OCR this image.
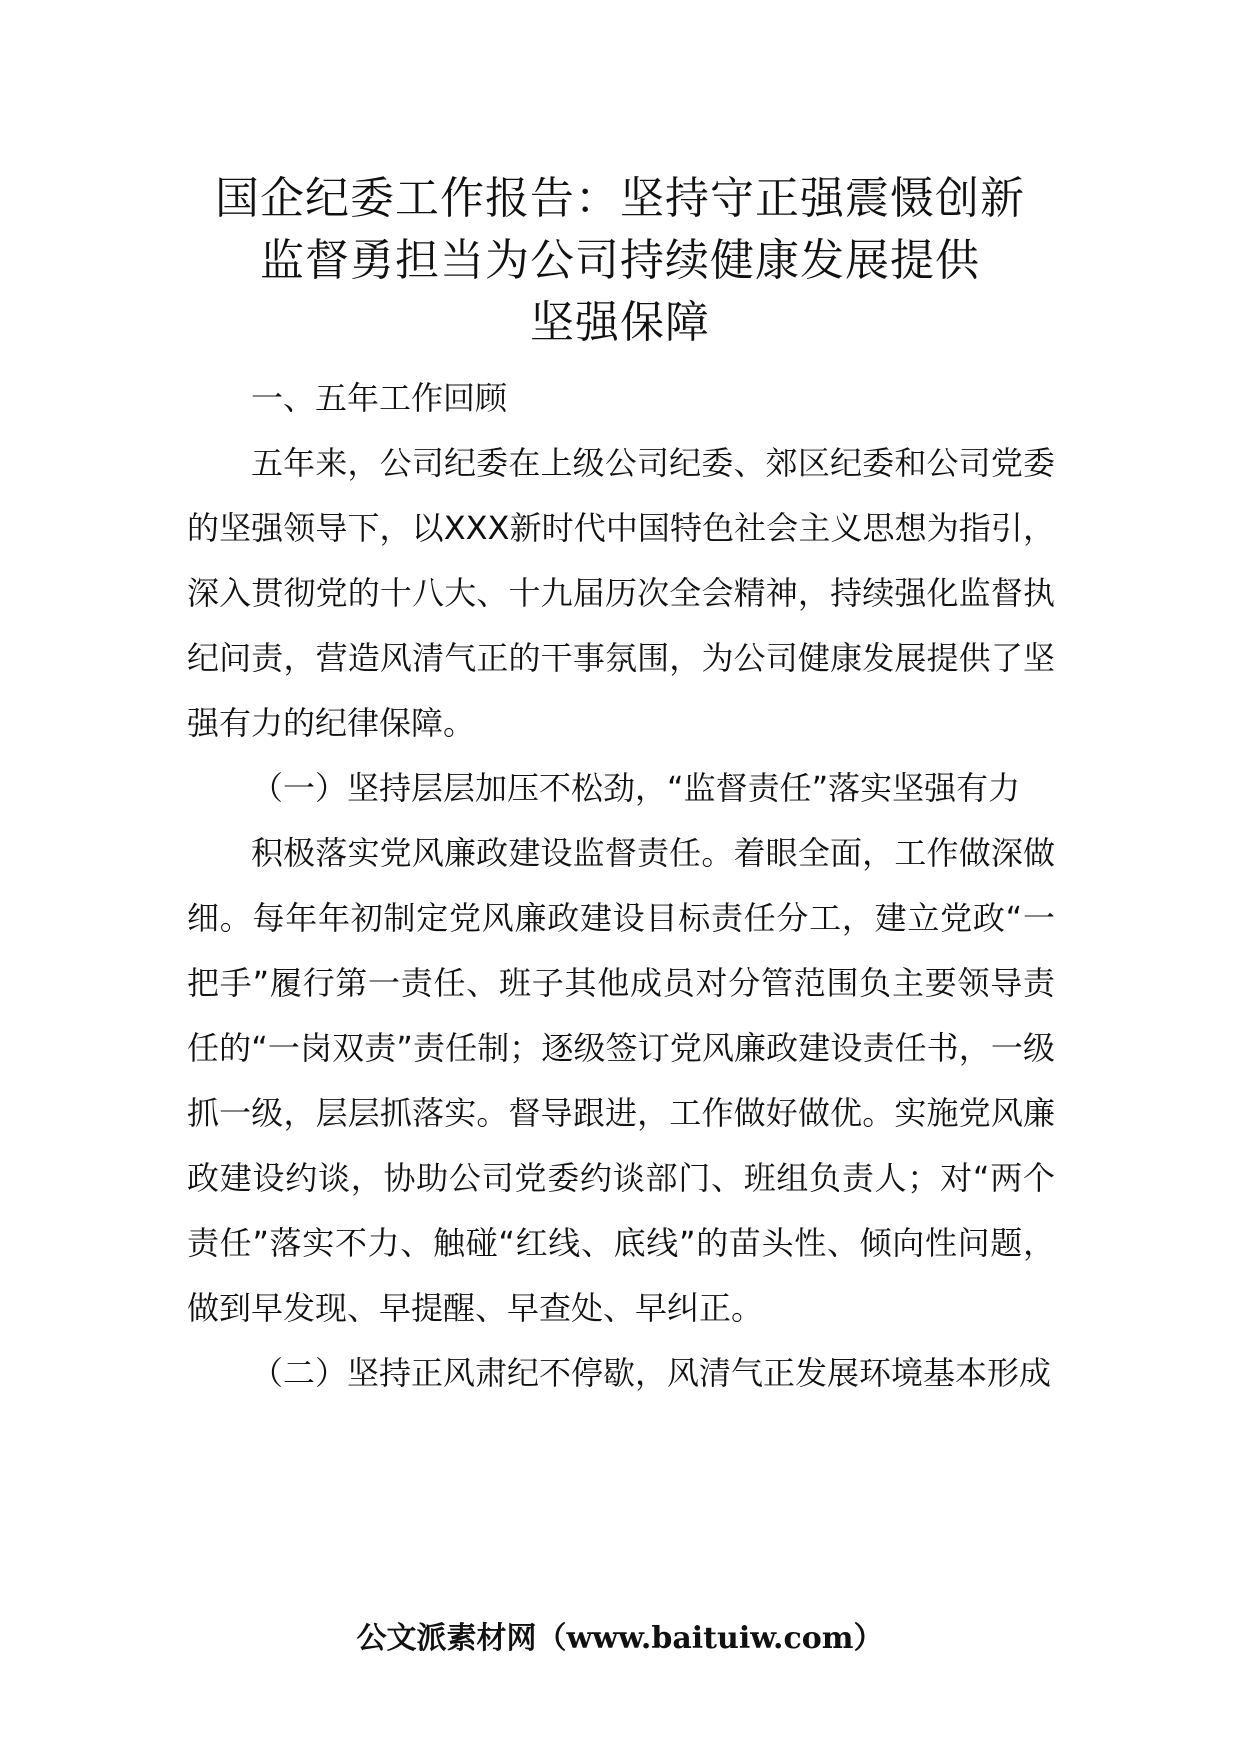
国企纪委工作报告：坚持守正强震慑创新
监督勇担当为公司持续健康发展提供
坚强保障

一、五年工作回顾

五年来，公司纪委在上级公司纪委、郊区纪委和公司党委的坚强领导下，以XXX新时代中国特色社会主义思想为指引，深入贯彻党的十八大、十九届历次全会精神，持续强化监督执纪问责，营造风清气正的干事氛围，为公司健康发展提供了坚强有力的纪律保障。

（一）坚持层层加压不松劲，“监督责任”落实坚强有力

积极落实党风廉政建设监督责任。着眼全面，工作做深做细。每年年初制定党风廉政建设目标责任分工，建立党政“一把手”履行第一责任、班子其他成员对分管范围负主要领导责任的“一岗双责”责任制；逐级签订党风廉政建设责任书，一级抓一级，层层抓落实。督导跟进，工作做好做优。实施党风廉政建设约谈，协助公司党委约谈部门、班组负责人；对“两个责任”落实不力、触碰“红线、底线”的苗头性、倾向性问题，做到早发现、早提醒、早查处、早纠正。

（二）坚持正风肃纪不停歇，风清气正发展环境基本形成

公文派素材网（www.baituiw.com）
